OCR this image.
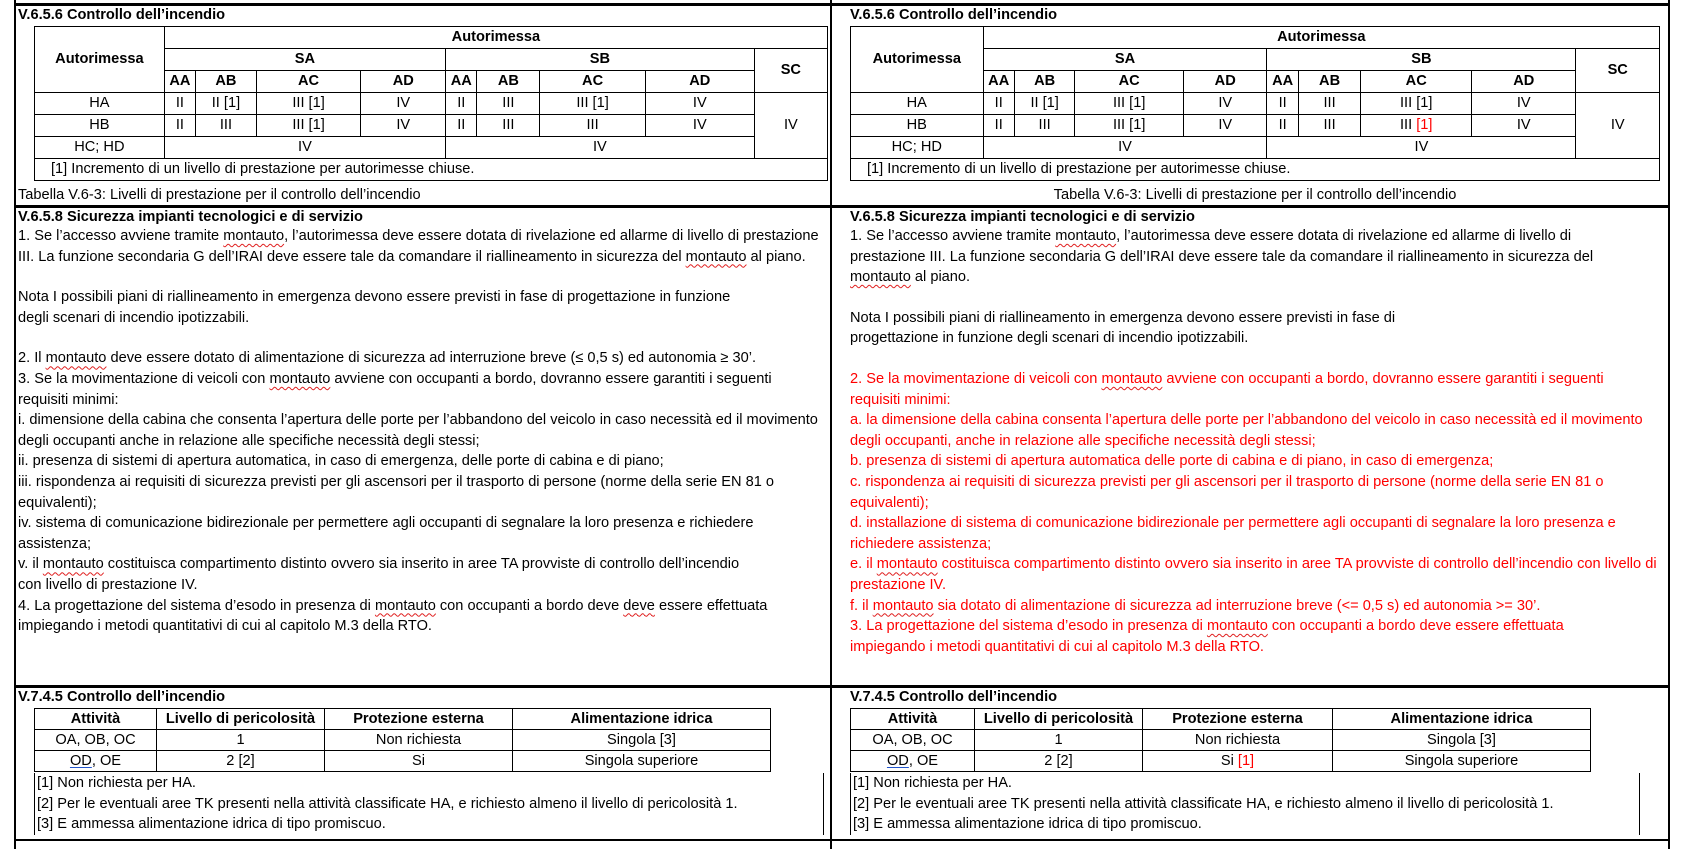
V.6.5.6 Controllo dell’incendio
Autorimessa	Autorimessa								
	SA				SB				SC
	AA	AB	AC	AD	AA	AB	AC	AD	
HA	II	II [1]	III [1]	IV	II	III	III [1]	IV	IV
HB	II	III	III [1]	IV	II	III	III	IV	
HC; HD	IV				IV				
[1] Incremento di un livello di prestazione per autorimesse chiuse.									
Tabella V.6-3: Livelli di prestazione per il controllo dell’incendio
V.6.5.8 Sicurezza impianti tecnologici e di servizio
1. Se l’accesso avviene tramite montauto, l’autorimessa deve essere dotata di rivelazione ed allarme di livello di prestazione III. La funzione secondaria G dell’IRAI deve essere tale da comandare il riallineamento in sicurezza del montauto al piano.
Nota I possibili piani di riallineamento in emergenza devono essere previsti in fase di progettazione in funzione degli scenari di incendio ipotizzabili.
2. Il montauto deve essere dotato di alimentazione di sicurezza ad interruzione breve (≤ 0,5 s) ed autonomia ≥ 30’.
3. Se la movimentazione di veicoli con montauto avviene con occupanti a bordo, dovranno essere garantiti i seguenti requisiti minimi:
i. dimensione della cabina che consenta l’apertura delle porte per l’abbandono del veicolo in caso necessità ed il movimento degli occupanti anche in relazione alle specifiche necessità degli stessi;
ii. presenza di sistemi di apertura automatica, in caso di emergenza, delle porte di cabina e di piano;
iii. rispondenza ai requisiti di sicurezza previsti per gli ascensori per il trasporto di persone (norme della serie EN 81 o equivalenti);
iv. sistema di comunicazione bidirezionale per permettere agli occupanti di segnalare la loro presenza e richiedere assistenza;
v. il montauto costituisca compartimento distinto ovvero sia inserito in aree TA provviste di controllo dell’incendio con livello di prestazione IV.
4. La progettazione del sistema d’esodo in presenza di montauto con occupanti a bordo deve deve essere effettuata impiegando i metodi quantitativi di cui al capitolo M.3 della RTO.
V.7.4.5 Controllo dell’incendio
Attività	Livello di pericolosità	Protezione esterna	Alimentazione idrica
OA, OB, OC	1	Non richiesta	Singola [3]
OD, OE	2 [2]	Si	Singola superiore
[1] Non richiesta per HA.
[2] Per le eventuali aree TK presenti nella attività classificate HA, e richiesto almeno il livello di pericolosità 1.
[3] E ammessa alimentazione idrica di tipo promiscuo.
V.6.5.6 Controllo dell’incendio
Autorimessa	Autorimessa								
	SA				SB				SC
	AA	AB	AC	AD	AA	AB	AC	AD	
HA	II	II [1]	III [1]	IV	II	III	III [1]	IV	IV
HB	II	III	III [1]	IV	II	III	III [1]	IV	
HC; HD	IV				IV				
[1] Incremento di un livello di prestazione per autorimesse chiuse.									
Tabella V.6-3: Livelli di prestazione per il controllo dell’incendio
V.6.5.8 Sicurezza impianti tecnologici e di servizio
1. Se l’accesso avviene tramite montauto, l’autorimessa deve essere dotata di rivelazione ed allarme di livello di prestazione III. La funzione secondaria G dell’IRAI deve essere tale da comandare il riallineamento in sicurezza del montauto al piano.
Nota I possibili piani di riallineamento in emergenza devono essere previsti in fase di progettazione in funzione degli scenari di incendio ipotizzabili.
2. Se la movimentazione di veicoli con montauto avviene con occupanti a bordo, dovranno essere garantiti i seguenti requisiti minimi:
a. la dimensione della cabina consenta l’apertura delle porte per l’abbandono del veicolo in caso necessità ed il movimento degli occupanti, anche in relazione alle specifiche necessità degli stessi;
b. presenza di sistemi di apertura automatica delle porte di cabina e di piano, in caso di emergenza;
c. rispondenza ai requisiti di sicurezza previsti per gli ascensori per il trasporto di persone (norme della serie EN 81 o equivalenti);
d. installazione di sistema di comunicazione bidirezionale per permettere agli occupanti di segnalare la loro presenza e richiedere assistenza;
e. il montauto costituisca compartimento distinto ovvero sia inserito in aree TA provviste di controllo dell’incendio con livello di prestazione IV.
f. il montauto sia dotato di alimentazione di sicurezza ad interruzione breve (<= 0,5 s) ed autonomia >= 30’.
3. La progettazione del sistema d’esodo in presenza di montauto con occupanti a bordo deve essere effettuata impiegando i metodi quantitativi di cui al capitolo M.3 della RTO.
V.7.4.5 Controllo dell’incendio
Attività	Livello di pericolosità	Protezione esterna	Alimentazione idrica
OA, OB, OC	1	Non richiesta	Singola [3]
OD, OE	2 [2]	Si [1]	Singola superiore
[1] Non richiesta per HA.
[2] Per le eventuali aree TK presenti nella attività classificate HA, e richiesto almeno il livello di pericolosità 1.
[3] E ammessa alimentazione idrica di tipo promiscuo.
